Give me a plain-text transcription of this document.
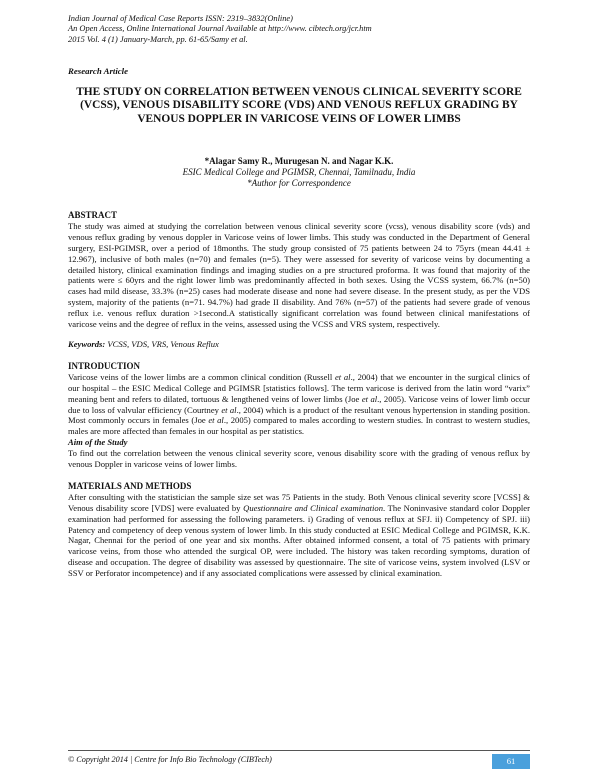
Indian Journal of Medical Case Reports ISSN: 2319–3832(Online)
An Open Access, Online International Journal Available at http://www. cibtech.org/jcr.htm
2015 Vol. 4 (1) January-March, pp. 61-65/Samy et al.
Research Article
THE STUDY ON CORRELATION BETWEEN VENOUS CLINICAL SEVERITY SCORE (VCSS), VENOUS DISABILITY SCORE (VDS) AND VENOUS REFLUX GRADING BY VENOUS DOPPLER IN VARICOSE VEINS OF LOWER LIMBS
*Alagar Samy R., Murugesan N. and Nagar K.K.
ESIC Medical College and PGIMSR, Chennai, Tamilnadu, India
*Author for Correspondence
ABSTRACT

The study was aimed at studying the correlation between venous clinical severity score (vcss), venous disability score (vds) and venous reflux grading by venous doppler in Varicose veins of lower limbs. This study was conducted in the Department of General surgery, ESI-PGIMSR, over a period of 18months. The study group consisted of 75 patients between 24 to 75yrs (mean 44.41 ± 12.967), inclusive of both males (n=70) and females (n=5). They were assessed for severity of varicose veins by documenting a detailed history, clinical examination findings and imaging studies on a pre structured proforma. It was found that majority of the patients were ≤ 60yrs and the right lower limb was predominantly affected in both sexes. Using the VCSS system, 66.7% (n=50) cases had mild disease, 33.3% (n=25) cases had moderate disease and none had severe disease. In the present study, as per the VDS system, majority of the patients (n=71. 94.7%) had grade II disability. And 76% (n=57) of the patients had severe grade of venous reflux i.e. venous reflux duration >1second.A statistically significant correlation was found between clinical manifestations of varicose veins and the degree of reflux in the veins, assessed using the VCSS and VRS system, respectively.

Keywords: VCSS, VDS, VRS, Venous Reflux

INTRODUCTION

Varicose veins of the lower limbs are a common clinical condition (Russell et al., 2004) that we encounter in the surgical clinics of our hospital – the ESIC Medical College and PGIMSR [statistics follows]. The term varicose is derived from the latin word “varix” meaning bent and refers to dilated, tortuous & lengthened veins of lower limbs (Joe et al., 2005). Varicose veins of lower limb occur due to loss of valvular efficiency (Courtney et al., 2004) which is a product of the resultant venous hypertension in standing position. Most commonly occurs in females (Joe et al., 2005) compared to males according to western studies. In contrast to western studies, males are more affected than females in our hospital as per statistics.

Aim of the Study

To find out the correlation between the venous clinical severity score, venous disability score with the grading of venous reflux by venous Doppler in varicose veins of lower limbs.

MATERIALS AND METHODS

After consulting with the statistician the sample size set was 75 Patients in the study. Both Venous clinical severity score [VCSS] & Venous disability score [VDS] were evaluated by Questionnaire and Clinical examination. The Noninvasive standard color Doppler examination had performed for assessing the following parameters. i) Grading of venous reflux at SFJ. ii) Competency of SPJ. iii) Patency and competency of deep venous system of lower limb. In this study conducted at ESIC Medical College and PGIMSR, K.K. Nagar, Chennai for the period of one year and six months. After obtained informed consent, a total of 75 patients with primary varicose veins, from those who attended the surgical OP, were included. The history was taken recording symptoms, duration of disease and occupation. The degree of disability was assessed by questionnaire. The site of varicose veins, system involved (LSV or SSV or Perforator incompetence) and if any associated complications were assessed by clinical examination.

© Copyright 2014 | Centre for Info Bio Technology (CIBTech)	61
